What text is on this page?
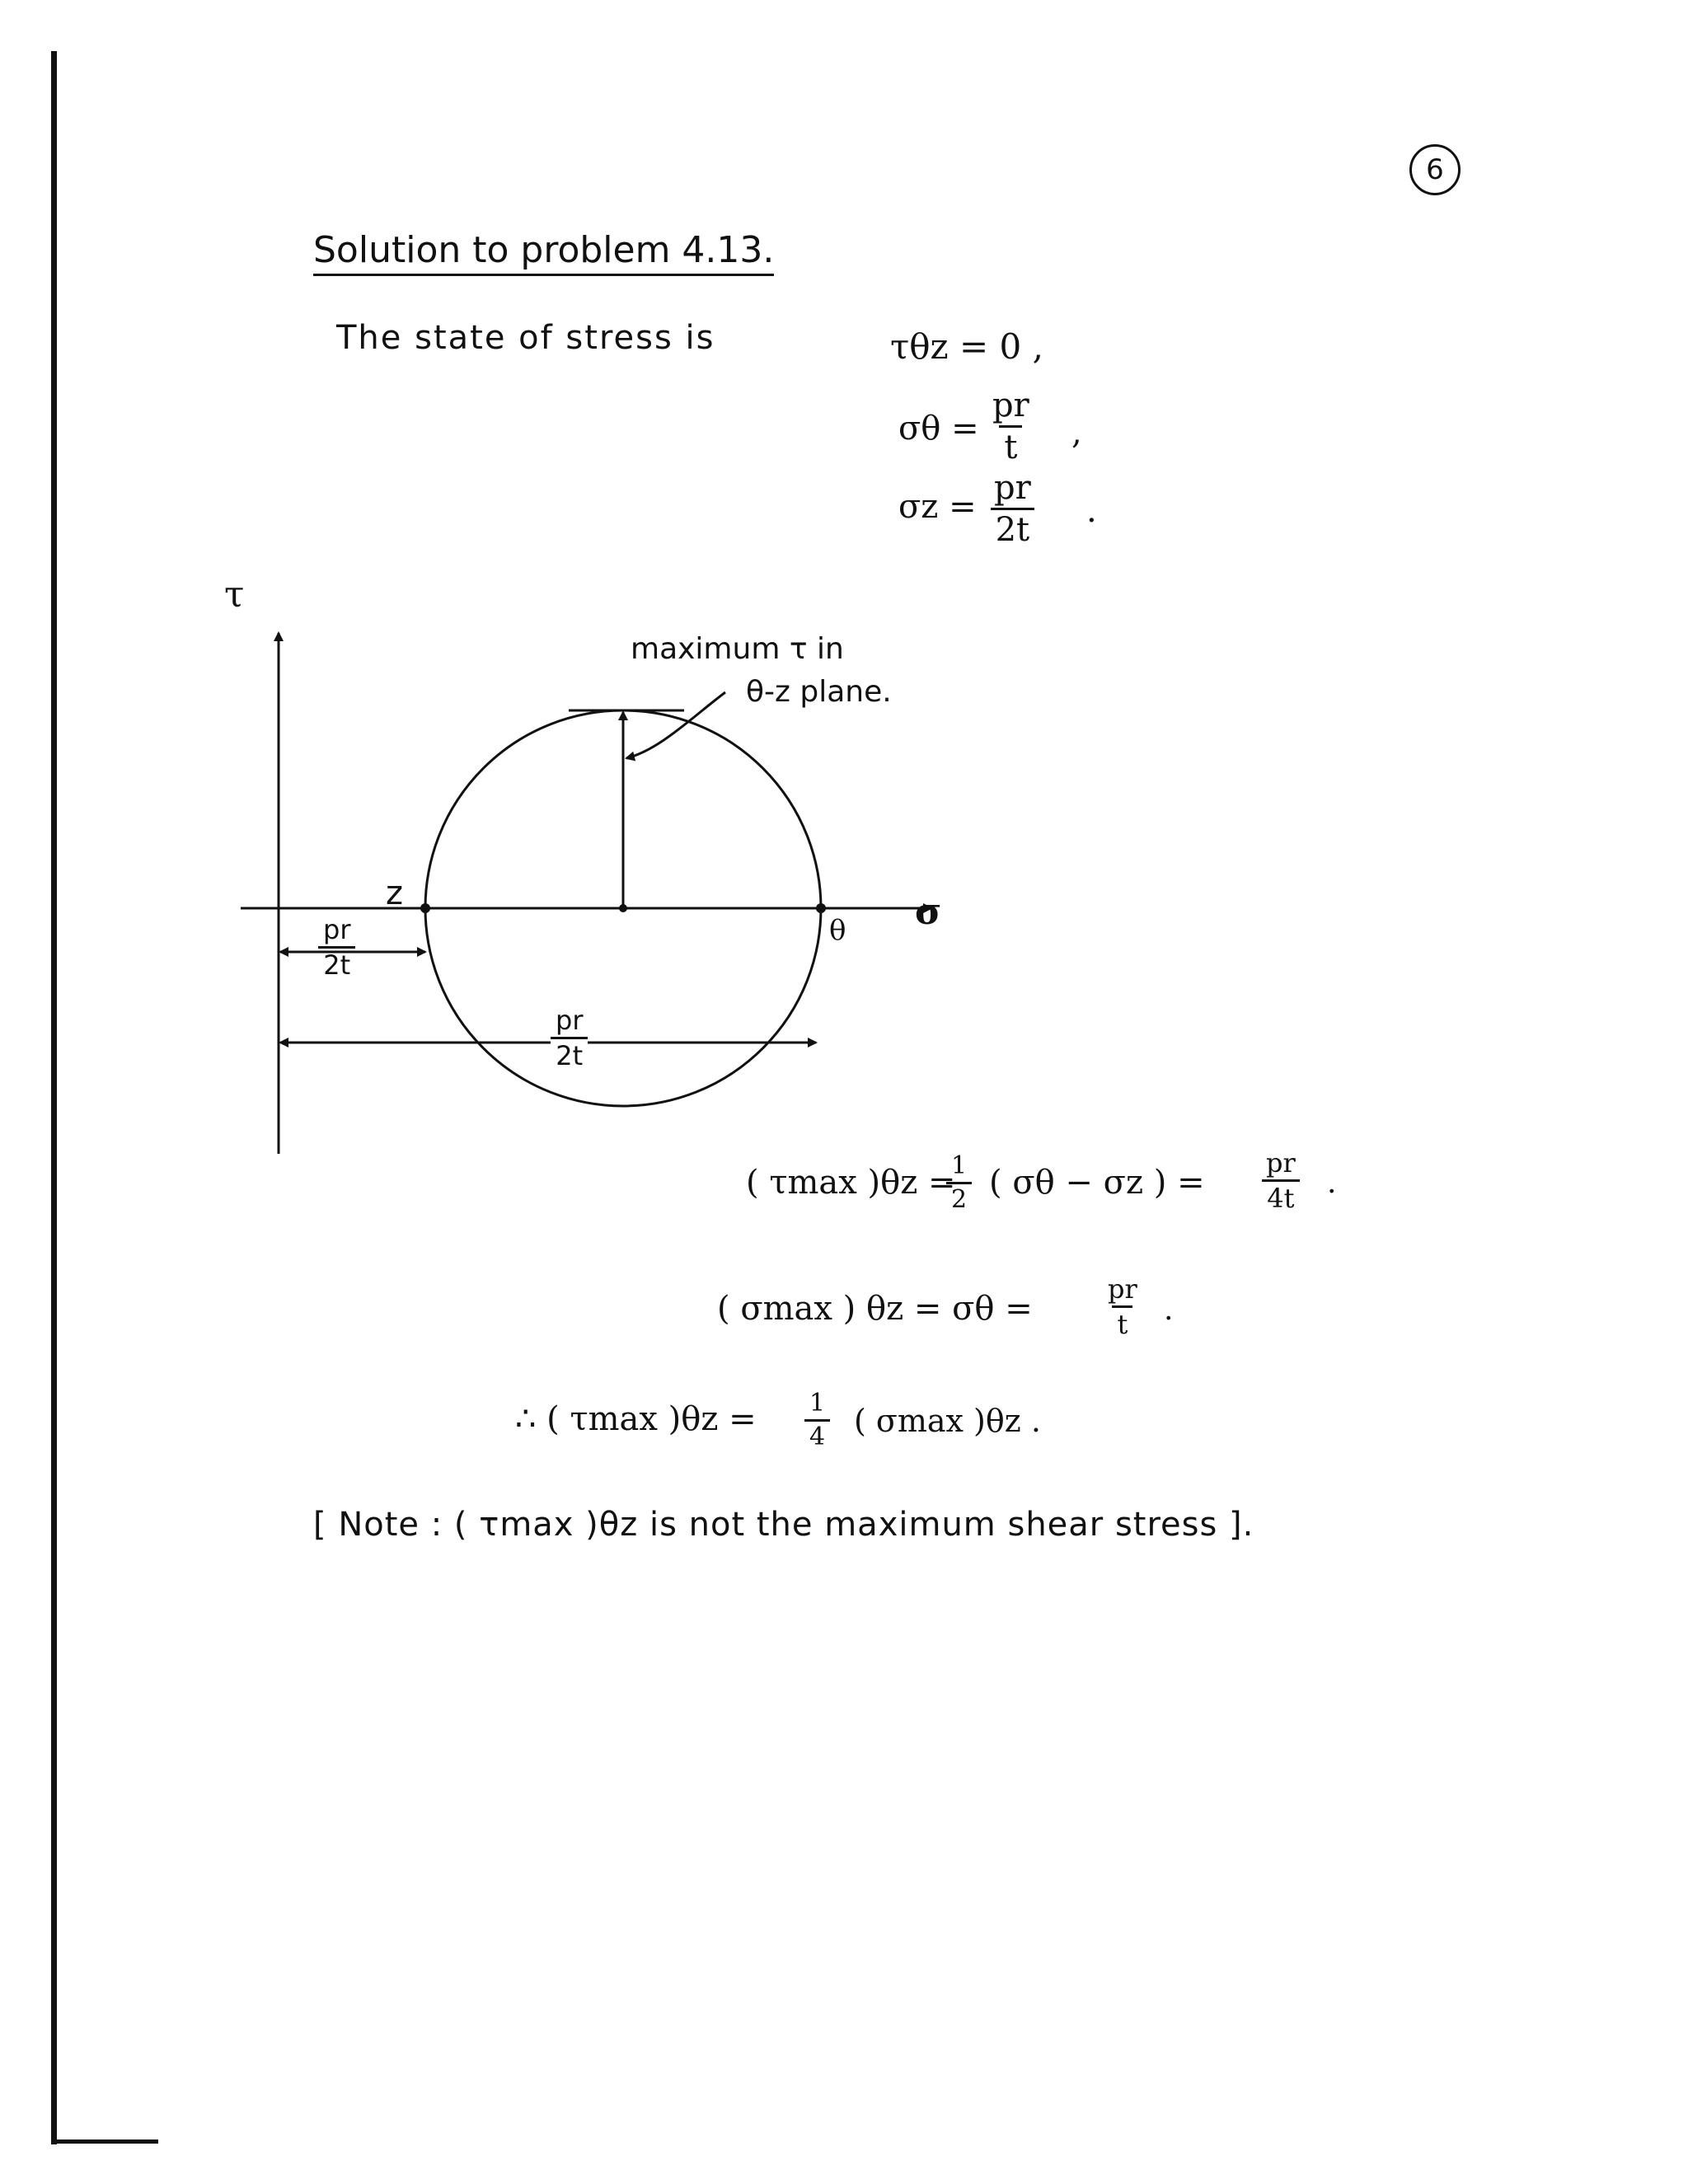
6
Solution to problem 4.13.
The state of stress is	τθz = 0 ,
$\sigma\theta = \frac{pr}{t}$ ,
$\sigma z = \frac{pr}{2t}$ .
τ
σ
z
θ
maximum τ in
θ-z plane.
$\frac{pr}{2t}$
$\frac{pr}{2t}$
( τmax )θz =
$\frac{1}{2}$ ( σθ − σz ) = $\frac{pr}{4t}$ .
( σmax ) θz = σθ =	$\frac{pr}{t}$ .
∴ ( τmax )$\theta z = \frac{1}{4}$ ( σmax )θz .
[ Note : ( τmax )θz is not the maximum shear stress ].
